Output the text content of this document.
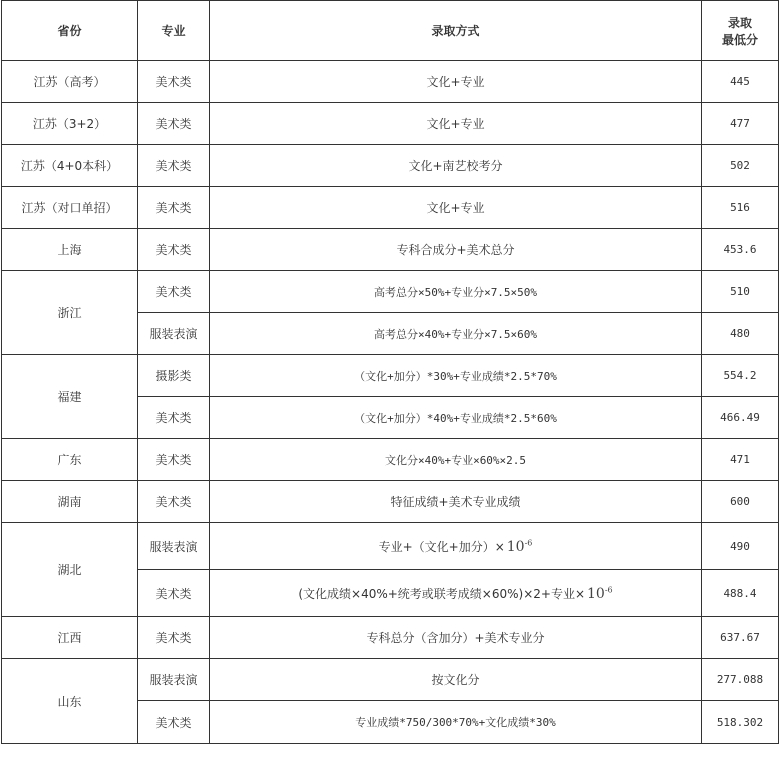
省份	专业	录取方式	录取
最低分
江苏（高考）	美术类	文化+专业	445
江苏（3+2）	美术类	文化+专业	477
江苏（4+0本科）	美术类	文化+南艺校考分	502
江苏（对口单招）	美术类	文化+专业	516
上海	美术类	专科合成分+美术总分	453.6
浙江	美术类	高考总分×50%+专业分×7.5×50%	510
	服装表演	高考总分×40%+专业分×7.5×60%	480
福建	摄影类	（文化+加分）*30%+专业成绩*2.5*70%	554.2
	美术类	（文化+加分）*40%+专业成绩*2.5*60%	466.49
广东	美术类	文化分×40%+专业×60%×2.5	471
湖南	美术类	特征成绩+美术专业成绩	600
湖北	服装表演	专业+（文化+加分）× $10^{-6}$	490
	美术类	(文化成绩×40%+统考或联考成绩×60%)×2+专业× $10^{-6}$	488.4
江西	美术类	专科总分（含加分）+美术专业分	637.67
山东	服装表演	按文化分	277.088
	美术类	专业成绩*750/300*70%+文化成绩*30%	518.302
